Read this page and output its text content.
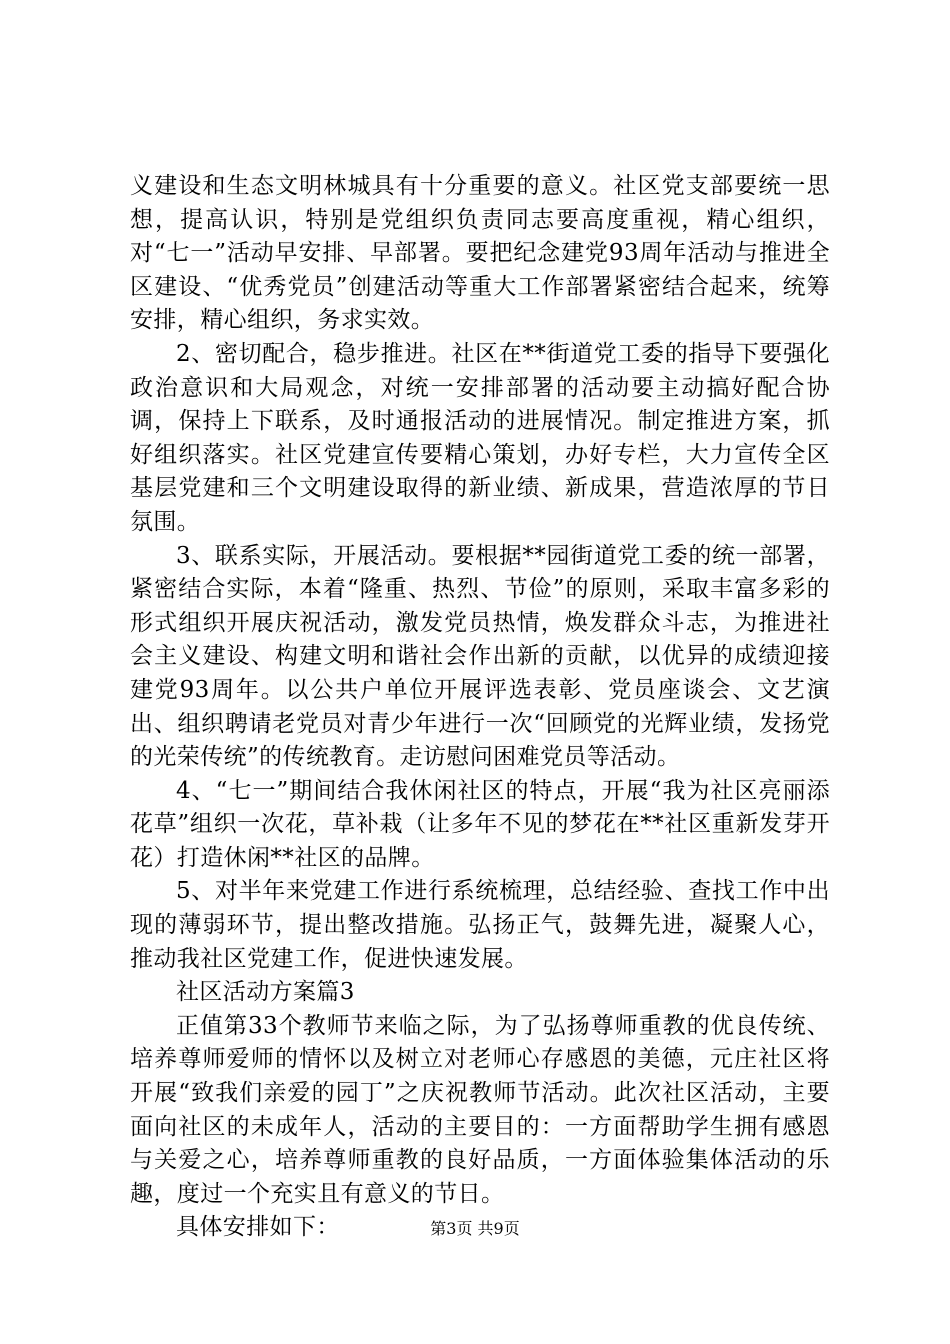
义建设和生态文明林城具有十分重要的意义。社区党支部要统一思想，提高认识，特别是党组织负责同志要高度重视，精心组织，对“七一”活动早安排、早部署。要把纪念建党93周年活动与推进全区建设、“优秀党员”创建活动等重大工作部署紧密结合起来，统筹安排，精心组织，务求实效。

2、密切配合，稳步推进。社区在**街道党工委的指导下要强化政治意识和大局观念，对统一安排部署的活动要主动搞好配合协调，保持上下联系，及时通报活动的进展情况。制定推进方案，抓好组织落实。社区党建宣传要精心策划，办好专栏，大力宣传全区基层党建和三个文明建设取得的新业绩、新成果，营造浓厚的节日氛围。

3、联系实际，开展活动。要根据**园街道党工委的统一部署，紧密结合实际，本着“隆重、热烈、节俭”的原则，采取丰富多彩的形式组织开展庆祝活动，激发党员热情，焕发群众斗志，为推进社会主义建设、构建文明和谐社会作出新的贡献，以优异的成绩迎接建党93周年。以公共户单位开展评选表彰、党员座谈会、文艺演出、组织聘请老党员对青少年进行一次“回顾党的光辉业绩，发扬党的光荣传统”的传统教育。走访慰问困难党员等活动。

4、“七一”期间结合我休闲社区的特点，开展“我为社区亮丽添花草”组织一次花，草补栽（让多年不见的梦花在**社区重新发芽开花）打造休闲**社区的品牌。

5、对半年来党建工作进行系统梳理，总结经验、查找工作中出现的薄弱环节，提出整改措施。弘扬正气，鼓舞先进，凝聚人心，推动我社区党建工作，促进快速发展。

社区活动方案篇3

正值第33个教师节来临之际，为了弘扬尊师重教的优良传统、培养尊师爱师的情怀以及树立对老师心存感恩的美德，元庄社区将开展“致我们亲爱的园丁”之庆祝教师节活动。此次社区活动，主要面向社区的未成年人，活动的主要目的：一方面帮助学生拥有感恩与关爱之心，培养尊师重教的良好品质，一方面体验集体活动的乐趣，度过一个充实且有意义的节日。

具体安排如下：	第3页 共9页
